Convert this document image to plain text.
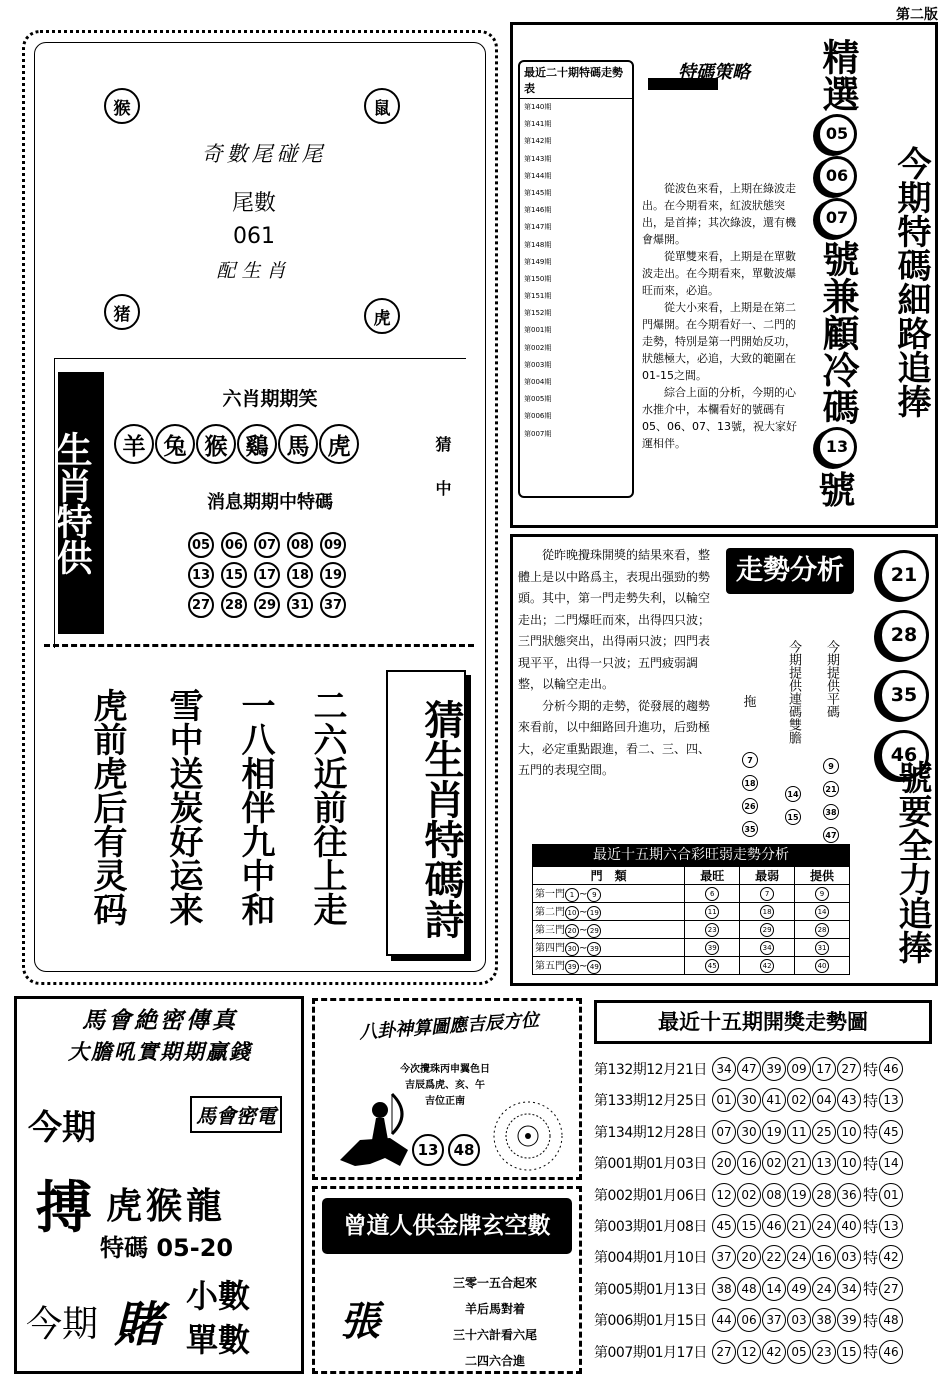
第二版
猴	鼠
猪	虎
奇數尾碰尾
尾數
061
配生肖
生肖特供
六肖期期笑
羊 兔 猴 鷄 馬 虎
消息期期中特碼
05	06	07	08	09
13	15	17	18	19
27	28	29	31	37
猜　中
二六近前往上走
一八相伴九中和
雪中送炭好运来
虎前虎后有灵码	猜生肖特碼詩
最近二十期特碼走勢表
第140期
第141期
第142期
第143期
第144期
第145期
第146期
第147期
第148期
第149期
第150期
第151期
第152期
第001期
第002期
第003期
第004期
第005期
第006期
第007期
特碼策略

從波色來看，上期在綠波走出。在今期看來，紅波狀態突出，是首捧；其次綠波，還有機會爆開。

從單雙來看，上期是在單數波走出。在今期看來，單數波爆旺而來，必追。

從大小來看，上期是在第二門爆開。在今期看好一、二門的走勢，特別是第一門開始反功，狀態極大，必追，大致的範圍在01-15之間。

綜合上面的分析，今期的心水推介中，本欄看好的號碼有05、06、07、13號，祝大家好運相伴。

精選
05
06
07
號兼顧冷碼
13
號
今期特碼細路追捧

從昨晚攪珠開獎的結果來看，整體上是以中路爲主，表現出强勁的勢頭。其中，第一門走勢失利，以輪空走出；二門爆旺而來，出得四只波；三門狀態突出，出得兩只波；四門表現平平，出得一只波；五門疲弱調整，以輪空走出。

分析今期的走勢，從發展的趨勢來看前，以中細路回升進功，后勁極大，必定重點跟進，看二、三、四、五門的表現空間。

走勢分析
拖
7
18
26
35
今期提供連碼雙膽
14
15
今期提供平碼
9
21
38
47
21
28
35
46
號要全力追捧
最近十五期六合彩旺弱走勢分析
門　類	最旺	最弱	提供
第一門 1 ~ 9	6	7	9
第二門 10 ~ 19	11	18	14
第三門 20 ~ 29	23	29	28
第四門 30 ~ 39	39	34	31
第五門 39 ~ 49	45	42	40
馬會絶密傳真
大膽吼實期期贏錢
今期	馬會密電
搏 虎猴龍
特碼 05-20
今期 賭
小數
單數
八卦神算圖應吉辰方位
今次攪珠丙申翼色日
吉辰爲虎、亥、午
吉位正南
13	48
曾道人供金牌玄空數
張
三零一五合起來
羊后馬對着
三十六計看六尾
二四六合進
最近十五期開獎走勢圖
第132期12月21日 34 47 39 09 17 27 特 46
第133期12月25日 01 30 41 02 04 43 特 13
第134期12月28日 07 30 19 11 25 10 特 45
第001期01月03日 20 16 02 21 13 10 特 14
第002期01月06日 12 02 08 19 28 36 特 01
第003期01月08日 45 15 46 21 24 40 特 13
第004期01月10日 37 20 22 24 16 03 特 42
第005期01月13日 38 48 14 49 24 34 特 27
第006期01月15日 44 06 37 03 38 39 特 48
第007期01月17日 27 12 42 05 23 15 特 46
